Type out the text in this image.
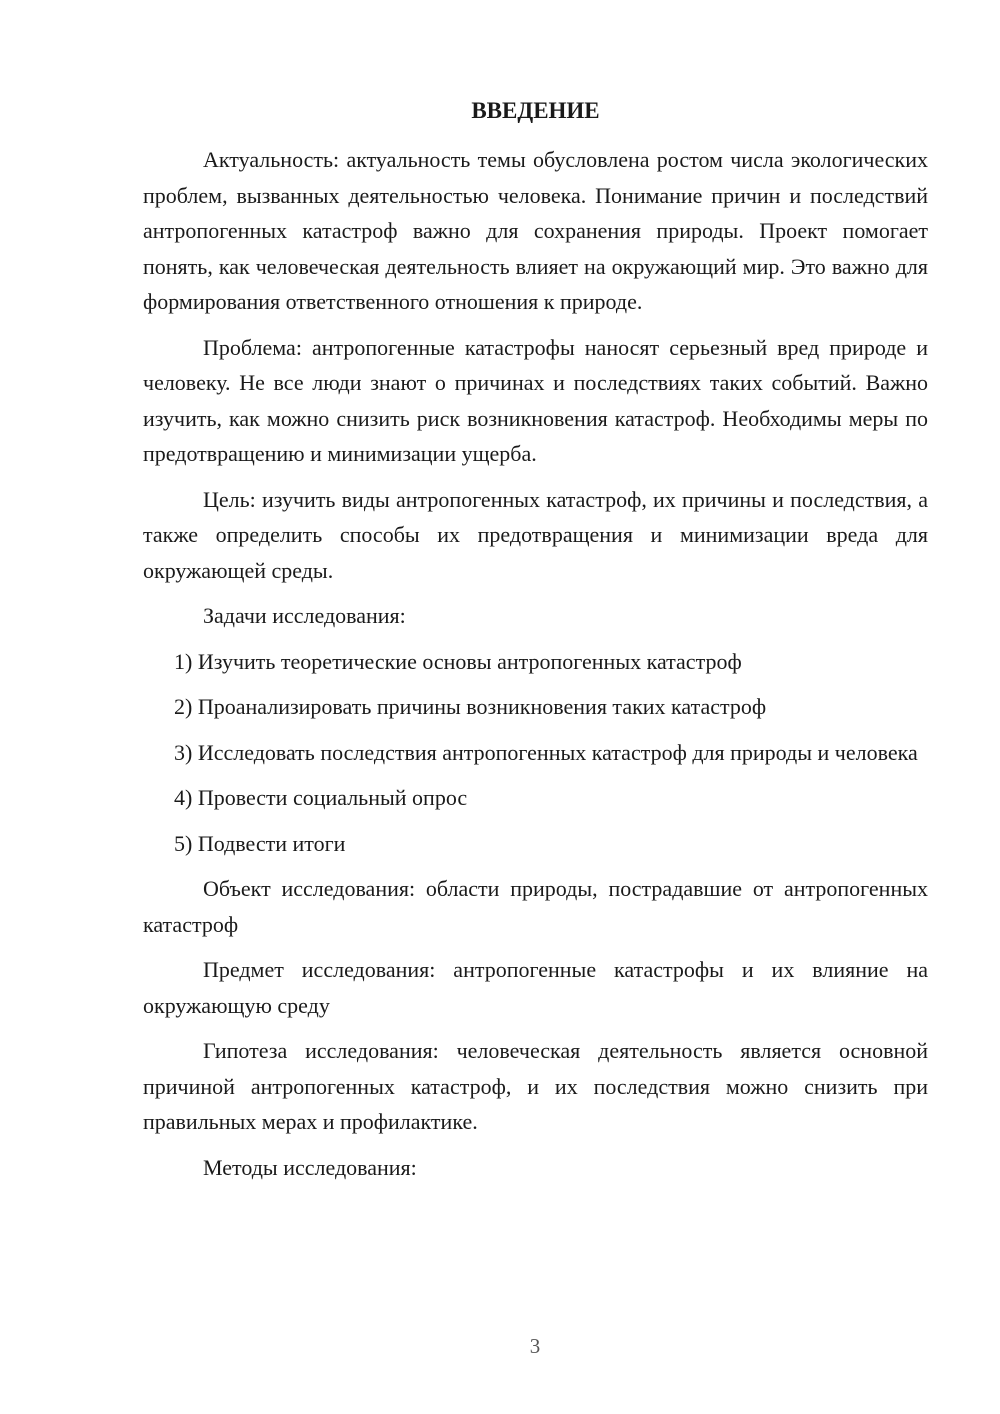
ВВЕДЕНИЕ

Актуальность: актуальность темы обусловлена ростом числа экологических проблем, вызванных деятельностью человека. Понимание причин и последствий антропогенных катастроф важно для сохранения природы. Проект помогает понять, как человеческая деятельность влияет на окружающий мир. Это важно для формирования ответственного отношения к природе.

Проблема: антропогенные катастрофы наносят серьезный вред природе и человеку. Не все люди знают о причинах и последствиях таких событий. Важно изучить, как можно снизить риск возникновения катастроф. Необходимы меры по предотвращению и минимизации ущерба.

Цель: изучить виды антропогенных катастроф, их причины и последствия, а также определить способы их предотвращения и минимизации вреда для окружающей среды.

Задачи исследования:

1) Изучить теоретические основы антропогенных катастроф

2) Проанализировать причины возникновения таких катастроф

3) Исследовать последствия антропогенных катастроф для природы и человека

4) Провести социальный опрос

5) Подвести итоги

Объект исследования: области природы, пострадавшие от антропогенных катастроф

Предмет исследования: антропогенные катастрофы и их влияние на окружающую среду

Гипотеза исследования: человеческая деятельность является основной причиной антропогенных катастроф, и их последствия можно снизить при правильных мерах и профилактике.

Методы исследования:

3
